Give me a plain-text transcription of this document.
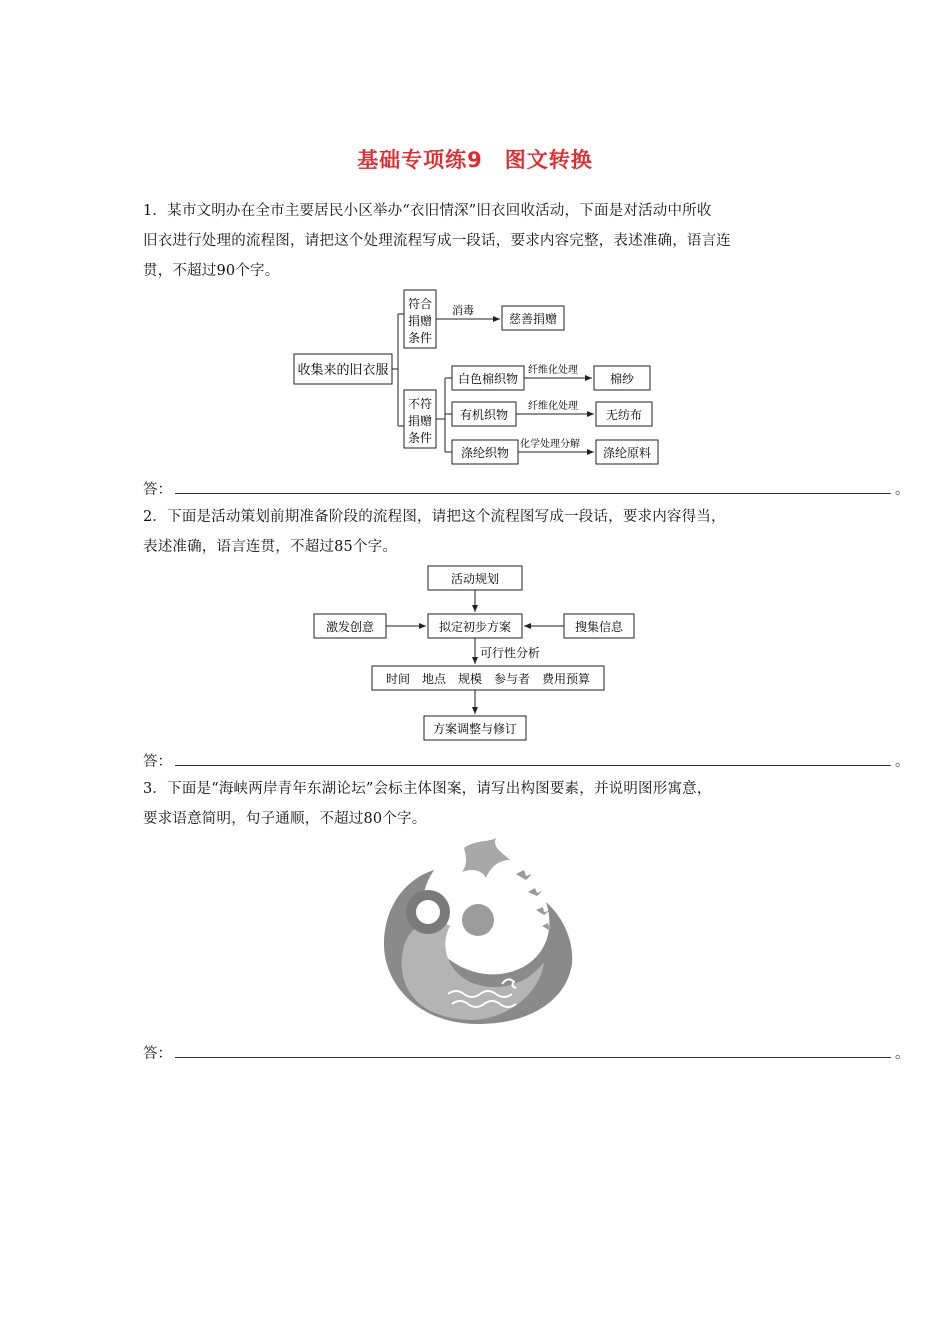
基础专项练9　图文转换
1．某市文明办在全市主要居民小区举办“衣旧情深”旧衣回收活动，下面是对活动中所收
旧衣进行处理的流程图，请把这个处理流程写成一段话，要求内容完整，表述准确，语言连
贯，不超过90个字。
收集来的旧衣服
符合
捐赠
条件
消毒
慈善捐赠
不符
捐赠
条件
白色棉织物
纤维化处理
棉纱
有机织物
纤维化处理
无纺布
涤纶织物
化学处理分解
涤纶原料
答：	。
2．下面是活动策划前期准备阶段的流程图，请把这个流程图写成一段话，要求内容得当，
表述准确，语言连贯，不超过85个字。
活动规划
激发创意	拟定初步方案	搜集信息
可行性分析
时间　地点　规模　参与者　费用预算
方案调整与修订
答：	。
3．下面是“海峡两岸青年东湖论坛”会标主体图案，请写出构图要素，并说明图形寓意，
要求语意简明，句子通顺，不超过80个字。
答：	。
